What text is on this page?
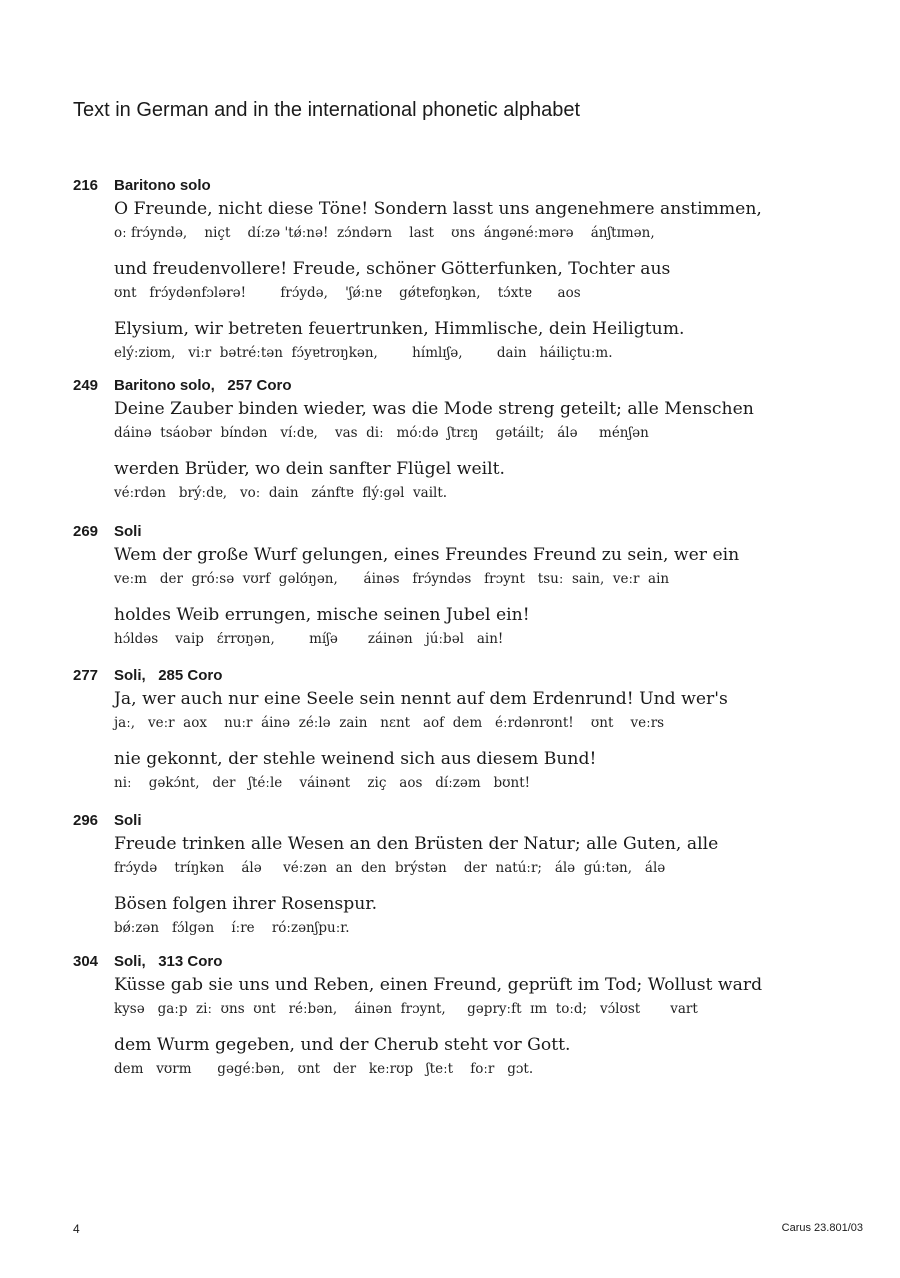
Text in German and in the international phonetic alphabet
216 Baritono solo
O Freunde, nicht diese Töne! Sondern lasst uns angenehmere anstimmen,
oː frɔ́yndə,    niçt    díːzə 'tǿːnə!  zɔ́ndərn    last    ʊns  ángənéːmərə    ánʃtɪmən,
und freudenvollere! Freude, schöner Götterfunken, Tochter aus
ʊnt   frɔ́ydənfɔlərə!        frɔ́ydə,    'ʃǿːnɐ    gǿtɐfʊŋkən,    tɔ́xtɐ      aos
Elysium, wir betreten feuertrunken, Himmlische, dein Heiligtum.
elýːziʊm,   viːr  bətréːtən  fɔ́yɐtrʊŋkən,        hímlɪʃə,        dain   háiliçtuːm.
249 Baritono solo, 257 Coro
Deine Zauber binden wieder, was die Mode streng geteilt; alle Menschen
dáinə  tsáobər  bíndən   víːdɐ,    vas  diː   móːdə  ʃtrɛŋ    gətáilt;   álə     ménʃən
werden Brüder, wo dein sanfter Flügel weilt.
véːrdən   brýːdɐ,   voː  dain   zánftɐ  flýːgəl  vailt.
269 Soli
Wem der große Wurf gelungen, eines Freundes Freund zu sein, wer ein
veːm   der  gróːsə  vʊrf  gəlʊ́ŋən,      áinəs   frɔ́yndəs   frɔynt   tsuː  sain,  veːr  ain
holdes Weib errungen, mische seinen Jubel ein!
hɔ́ldəs    vaip   ɛ́rrʊŋən,        míʃə       záinən   júːbəl   ain!
277 Soli, 285 Coro
Ja, wer auch nur eine Seele sein nennt auf dem Erdenrund! Und wer's
jaː,   veːr  aox    nuːr  áinə  zéːlə  zain   nɛnt   aof  dem   éːrdənrʊnt!    ʊnt    veːrs
nie gekonnt, der stehle weinend sich aus diesem Bund!
niː    gəkɔ́nt,   der   ʃtéːle    váinənt    ziç   aos   díːzəm   bʊnt!
296 Soli
Freude trinken alle Wesen an den Brüsten der Natur; alle Guten, alle
frɔ́ydə    tríŋkən    álə     véːzən  an  den  brýstən    der  natúːr;   álə  gúːtən,   álə
Bösen folgen ihrer Rosenspur.
bǿːzən   fɔ́lgən    íːre    róːzənʃpuːr.
304 Soli, 313 Coro
Küsse gab sie uns und Reben, einen Freund, geprüft im Tod; Wollust ward
kysə   gaːp  ziː  ʊns  ʊnt   réːbən,    áinən  frɔynt,     gəpryːft  ɪm  toːd;   vɔ́lʊst       vart
dem Wurm gegeben, und der Cherub steht vor Gott.
dem   vʊrm      gəgéːbən,   ʊnt   der   keːrʊp   ʃteːt    foːr   gɔt.
4	Carus 23.801/03
